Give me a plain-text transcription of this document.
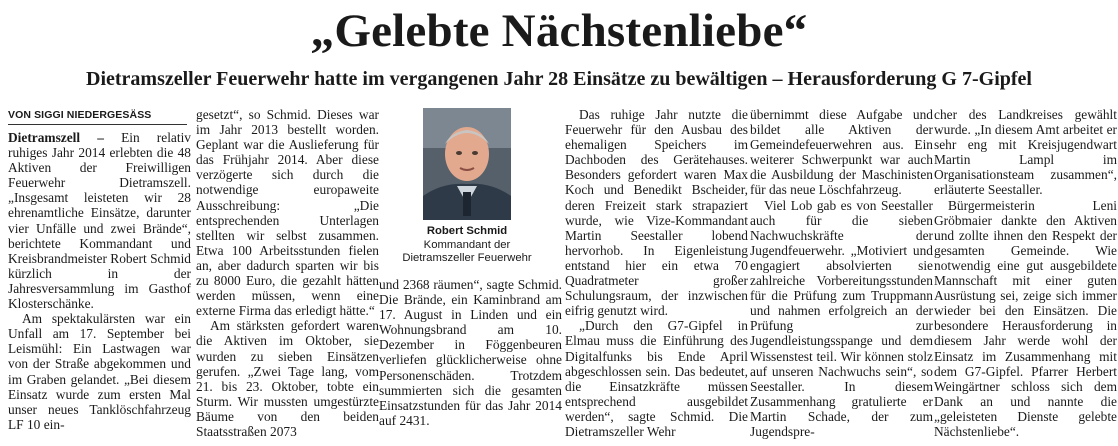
„Gelebte Nächstenliebe“
Dietramszeller Feuerwehr hatte im vergangenen Jahr 28 Einsätze zu bewältigen – Herausforderung G 7-Gipfel
VON SIGGI NIEDERGESÄSS

Dietramszell – Ein relativ ruhiges Jahr 2014 erlebten die 48 Aktiven der Freiwilligen Feuerwehr Dietramszell. „Insgesamt leisteten wir 28 ehrenamtliche Einsätze, darunter vier Unfälle und zwei Brände“, berichtete Kommandant und Kreisbrandmeister Robert Schmid kürzlich in der Jahresversammlung im Gasthof Klosterschänke.

Am spektakulärsten war ein Unfall am 17. September bei Leismühl: Ein Lastwagen war von der Straße abgekommen und im Graben gelandet. „Bei diesem Einsatz wurde zum ersten Mal unser neues Tanklöschfahrzeug LF 10 ein-

gesetzt“, so Schmid. Dieses war im Jahr 2013 bestellt worden. Geplant war die Auslieferung für das Frühjahr 2014. Aber diese verzögerte sich durch die notwendige europaweite Ausschreibung: „Die entsprechenden Unterlagen stellten wir selbst zusammen. Etwa 100 Arbeitsstunden fielen an, aber dadurch sparten wir bis zu 8000 Euro, die gezahlt hätten werden müssen, wenn eine externe Firma das erledigt hätte.“

Am stärksten gefordert waren die Aktiven im Oktober, sie wurden zu sieben Einsätzen gerufen. „Zwei Tage lang, vom 21. bis 23. Oktober, tobte ein Sturm. Wir mussten umgestürzte Bäume von den beiden Staatsstraßen 2073

Robert Schmid
Kommandant der
Dietramszeller Feuerwehr

und 2368 räumen“, sagte Schmid. Die Brände, ein Kaminbrand am 17. August in Linden und ein Wohnungsbrand am 10. Dezember in Föggenbeuren verliefen glücklicherweise ohne Personenschäden. Trotzdem summierten sich die gesamten Einsatzstunden für das Jahr 2014 auf 2431.

Das ruhige Jahr nutzte die Feuerwehr für den Ausbau des ehemaligen Speichers im Dachboden des Gerätehauses. Besonders gefordert waren Max Koch und Benedikt Bscheider, deren Freizeit stark strapaziert wurde, wie Vize-Kommandant Martin Seestaller lobend hervorhob. In Eigenleistung entstand hier ein etwa 70 Quadratmeter großer Schulungsraum, der inzwischen eifrig genutzt wird.

„Durch den G7-Gipfel in Elmau muss die Einführung des Digitalfunks bis Ende April abgeschlossen sein. Das bedeutet, die Einsatzkräfte müssen entsprechend ausgebildet werden“, sagte Schmid. Die Dietramszeller Wehr

übernimmt diese Aufgabe und bildet alle Aktiven der Gemeindefeuerwehren aus. Ein weiterer Schwerpunkt war auch die Ausbildung der Maschinisten für das neue Löschfahrzeug.

Viel Lob gab es von Seestaller auch für die sieben Nachwuchskräfte der Jugendfeuerwehr. „Motiviert und engagiert absolvierten sie zahlreiche Vorbereitungsstunden für die Prüfung zum Truppmann und nahmen erfolgreich an der Prüfung zur Jugendleistungsspange und dem Wissenstest teil. Wir können stolz auf unseren Nachwuchs sein“, so Seestaller. In diesem Zusammenhang gratulierte er Martin Schade, der zum Jugendspre-

cher des Landkreises gewählt wurde. „In diesem Amt arbeitet er sehr eng mit Kreisjugendwart Martin Lampl im Organisationsteam zusammen“, erläuterte Seestaller.

Bürgermeisterin Leni Gröbmaier dankte den Aktiven und zollte ihnen den Respekt der gesamten Gemeinde. Wie notwendig eine gut ausgebildete Mannschaft mit einer guten Ausrüstung sei, zeige sich immer wieder bei den Einsätzen. Die besondere Herausforderung in diesem Jahr werde wohl der Einsatz im Zusammenhang mit dem G7-Gipfel. Pfarrer Herbert Weingärtner schloss sich dem Dank an und nannte die „geleisteten Dienste gelebte Nächstenliebe“.
